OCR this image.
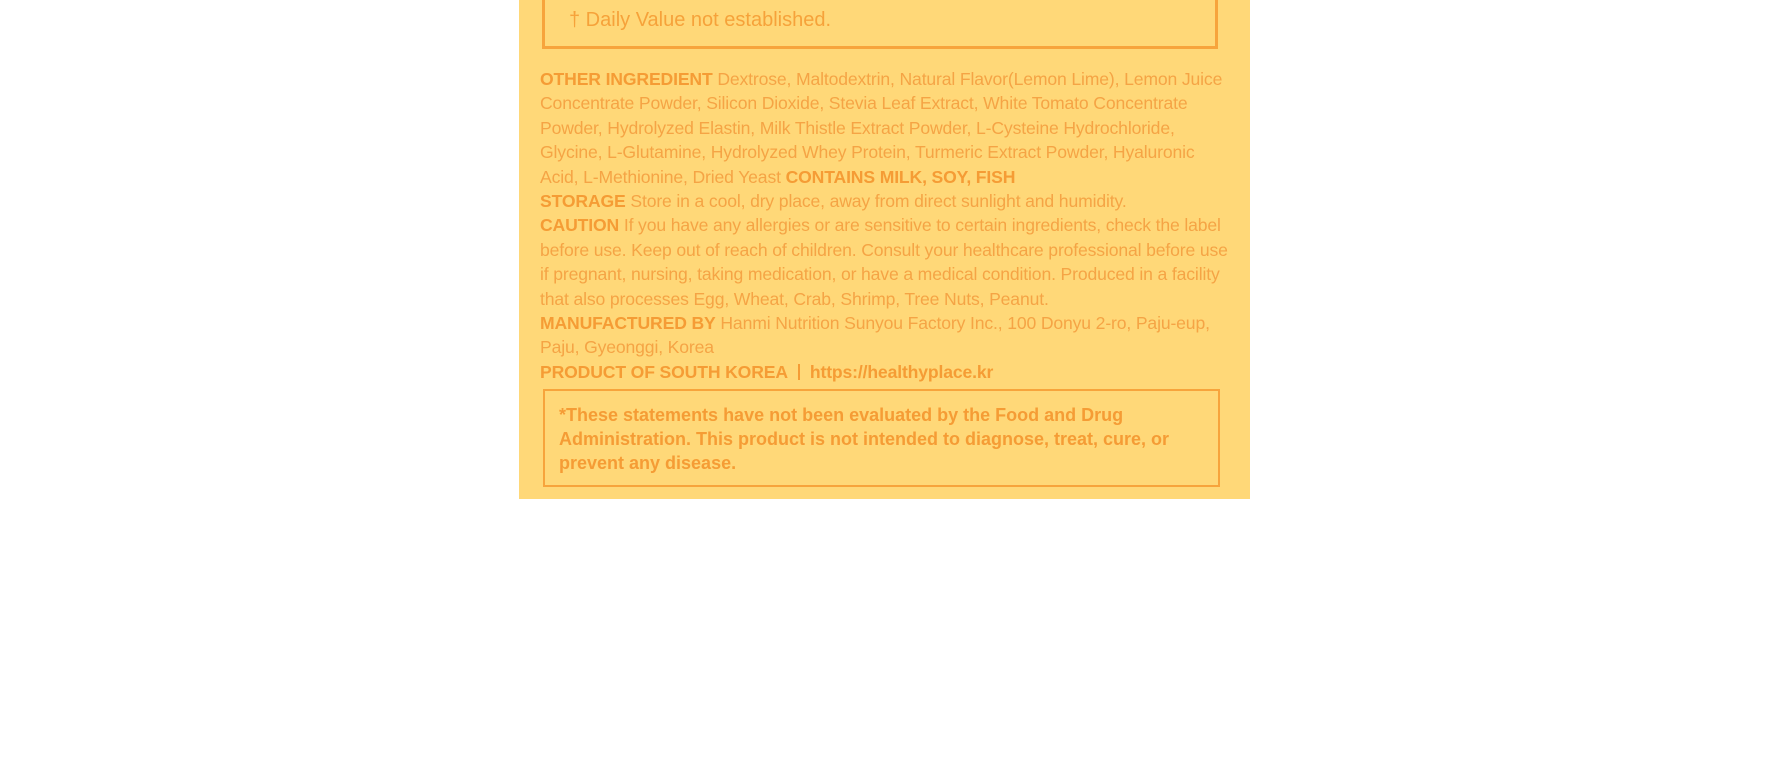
† Daily Value not established.

OTHER INGREDIENT Dextrose, Maltodextrin, Natural Flavor(Lemon Lime), Lemon Juice Concentrate Powder, Silicon Dioxide, Stevia Leaf Extract, White Tomato Concentrate Powder, Hydrolyzed Elastin, Milk Thistle Extract Powder, L-Cysteine Hydrochloride, Glycine, L-Glutamine, Hydrolyzed Whey Protein, Turmeric Extract Powder, Hyaluronic Acid, L-Methionine, Dried Yeast CONTAINS MILK, SOY, FISH

STORAGE Store in a cool, dry place, away from direct sunlight and humidity.

CAUTION If you have any allergies or are sensitive to certain ingredients, check the label before use. Keep out of reach of children. Consult your healthcare professional before use if pregnant, nursing, taking medication, or have a medical condition. Produced in a facility that also processes Egg, Wheat, Crab, Shrimp, Tree Nuts, Peanut.

MANUFACTURED BY Hanmi Nutrition Sunyou Factory Inc., 100 Donyu 2-ro, Paju-eup, Paju, Gyeonggi, Korea

PRODUCT OF SOUTH KOREA https://healthyplace.kr

*These statements have not been evaluated by the Food and Drug Administration. This product is not intended to diagnose, treat, cure, or prevent any disease.
